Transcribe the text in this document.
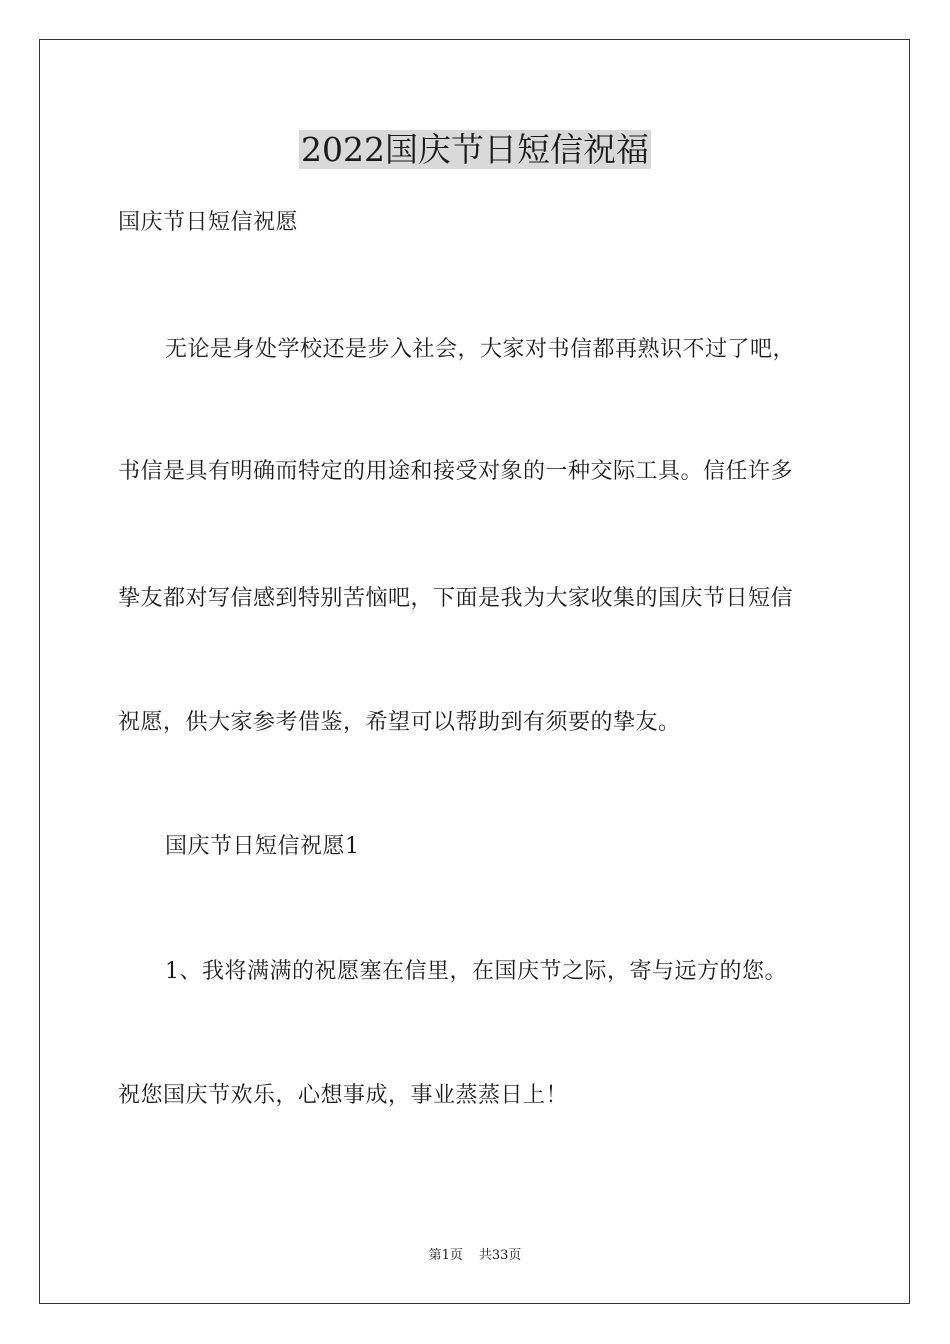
2022国庆节日短信祝福
国庆节日短信祝愿
无论是身处学校还是步入社会，大家对书信都再熟识不过了吧，
书信是具有明确而特定的用途和接受对象的一种交际工具。信任许多
挚友都对写信感到特别苦恼吧，下面是我为大家收集的国庆节日短信
祝愿，供大家参考借鉴，希望可以帮助到有须要的挚友。
国庆节日短信祝愿1
1、我将满满的祝愿塞在信里，在国庆节之际，寄与远方的您。
祝您国庆节欢乐，心想事成，事业蒸蒸日上！
第1页 共33页
